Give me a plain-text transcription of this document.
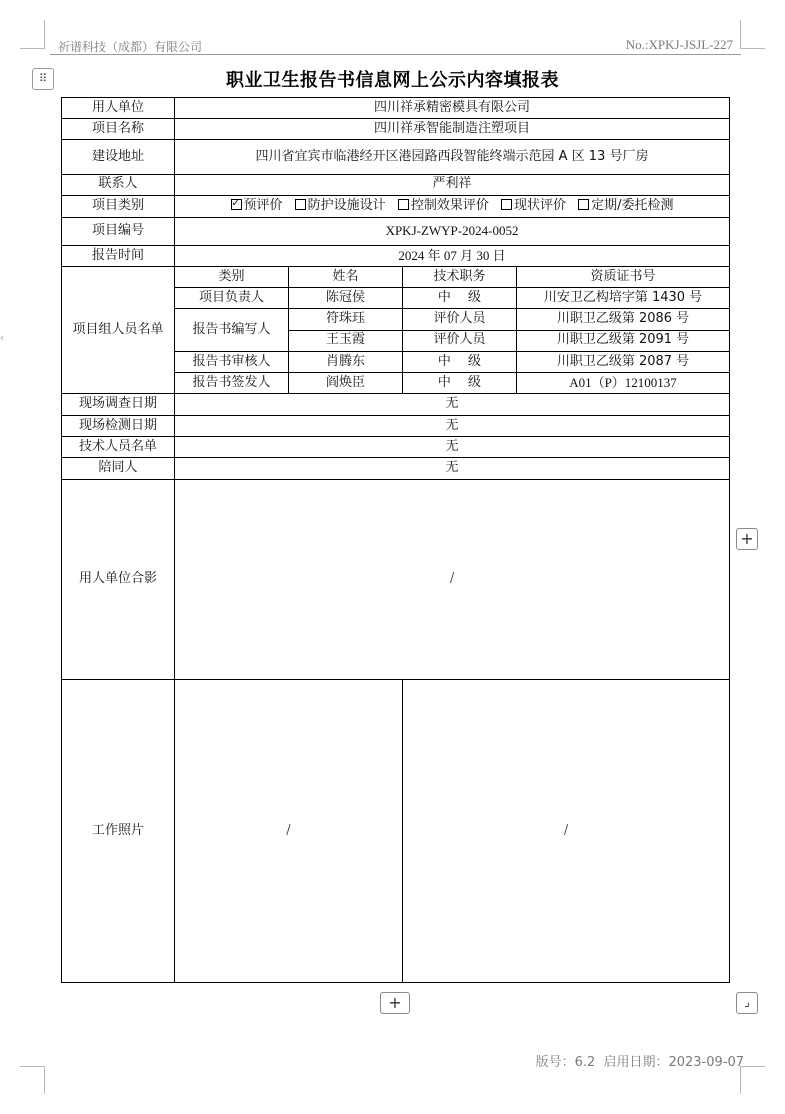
祈谱科技（成都）有限公司	No.:XPKJ-JSJL-227
⠿	职业卫生报告书信息网上公示内容填报表
‹
用人单位	四川祥承精密模具有限公司			
项目名称	四川祥承智能制造注塑项目			
建设地址	四川省宜宾市临港经开区港园路西段智能终端示范园 A 区 13 号厂房			
联系人	严利祥			
项目类别	✓ 预评价 防护设施设计 控制效果评价 现状评价 定期/委托检测			
项目编号	XPKJ-ZWYP-2024-0052			
报告时间	2024 年 07 月 30 日			
项目组人员名单	类别	姓名	技术职务	资质证书号
	项目负责人	陈冠侯	中　 级	川安卫乙构培字第 1430 号
	报告书编写人	符珠珏	评价人员	川职卫乙级第 2086 号
		王玉霞	评价人员	川职卫乙级第 2091 号
	报告书审核人	肖腾东	中　 级	川职卫乙级第 2087 号
	报告书签发人	阎焕臣	中　 级	A01（P）12100137
现场调查日期	无			
现场检测日期	无			
技术人员名单	无			
陪同人	无			
用人单位合影	/			
工作照片	/		/	
+
+	⌟
版号：6.2 启用日期：2023-09-07
